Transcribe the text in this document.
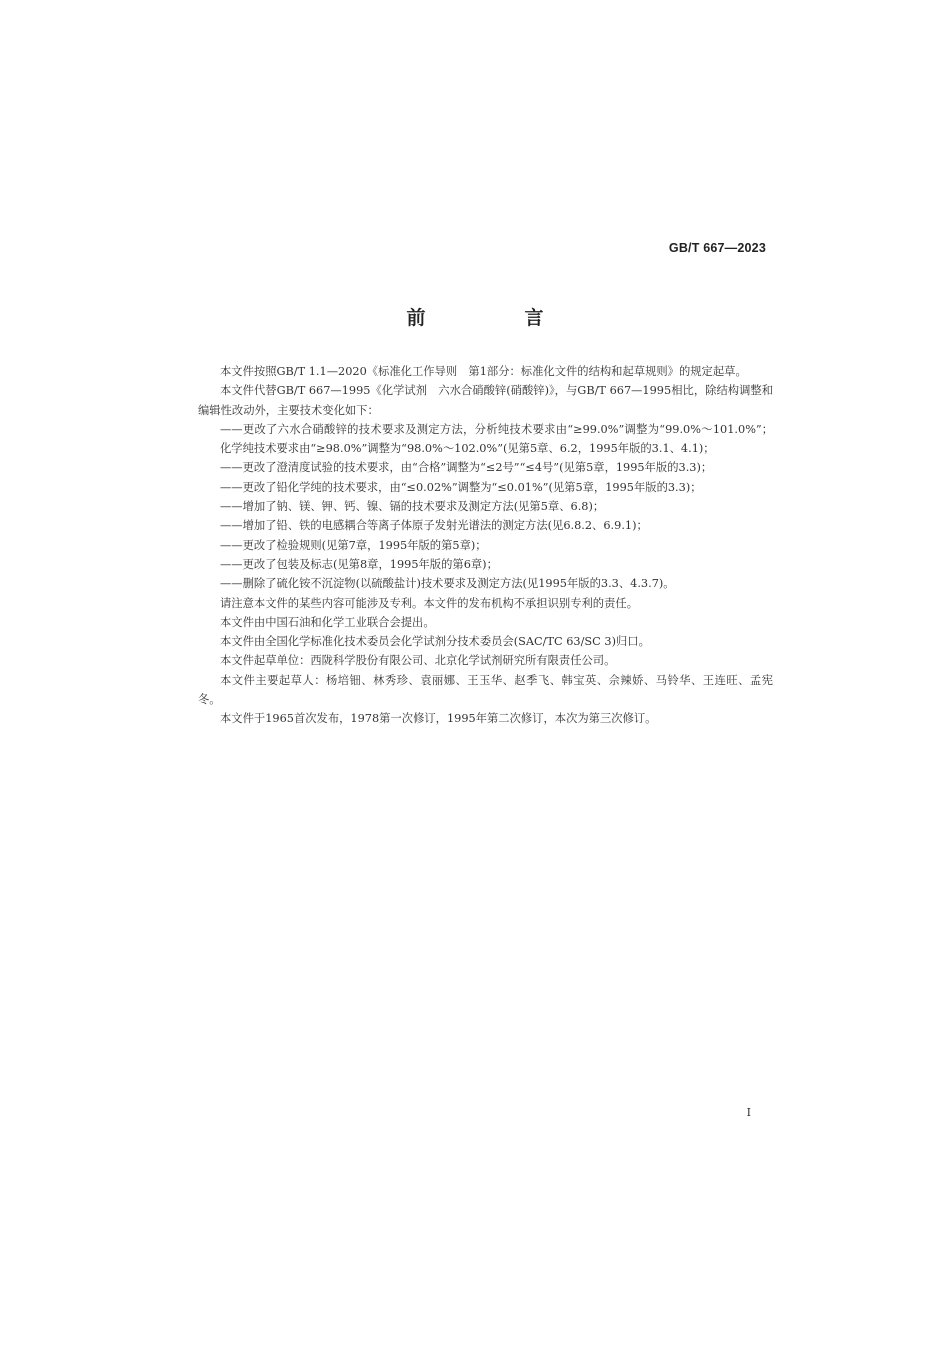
GB/T 667—2023
前　言

本文件按照GB/T 1.1—2020《标准化工作导则　第1部分：标准化文件的结构和起草规则》的规定起草。

本文件代替GB/T 667—1995《化学试剂　六水合硝酸锌(硝酸锌)》，与GB/T 667—1995相比，除结构调整和编辑性改动外，主要技术变化如下：

——更改了六水合硝酸锌的技术要求及测定方法，分析纯技术要求由“≥99.0%”调整为“99.0%～101.0%”；化学纯技术要求由“≥98.0%”调整为“98.0%～102.0%”(见第5章、6.2，1995年版的3.1、4.1)；

——更改了澄清度试验的技术要求，由“合格”调整为“≤2号”“≤4号”(见第5章，1995年版的3.3)；

——更改了铅化学纯的技术要求，由“≤0.02%”调整为“≤0.01%”(见第5章，1995年版的3.3)；

——增加了钠、镁、钾、钙、镍、镉的技术要求及测定方法(见第5章、6.8)；

——增加了铅、铁的电感耦合等离子体原子发射光谱法的测定方法(见6.8.2、6.9.1)；

——更改了检验规则(见第7章，1995年版的第5章)；

——更改了包装及标志(见第8章，1995年版的第6章)；

——删除了硫化铵不沉淀物(以硫酸盐计)技术要求及测定方法(见1995年版的3.3、4.3.7)。

请注意本文件的某些内容可能涉及专利。本文件的发布机构不承担识别专利的责任。

本文件由中国石油和化学工业联合会提出。

本文件由全国化学标准化技术委员会化学试剂分技术委员会(SAC/TC 63/SC 3)归口。

本文件起草单位：西陇科学股份有限公司、北京化学试剂研究所有限责任公司。

本文件主要起草人：杨培钿、林秀珍、袁丽娜、王玉华、赵季飞、韩宝英、佘辣娇、马铃华、王连旺、孟宪冬。

本文件于1965首次发布，1978第一次修订，1995年第二次修订，本次为第三次修订。

I
